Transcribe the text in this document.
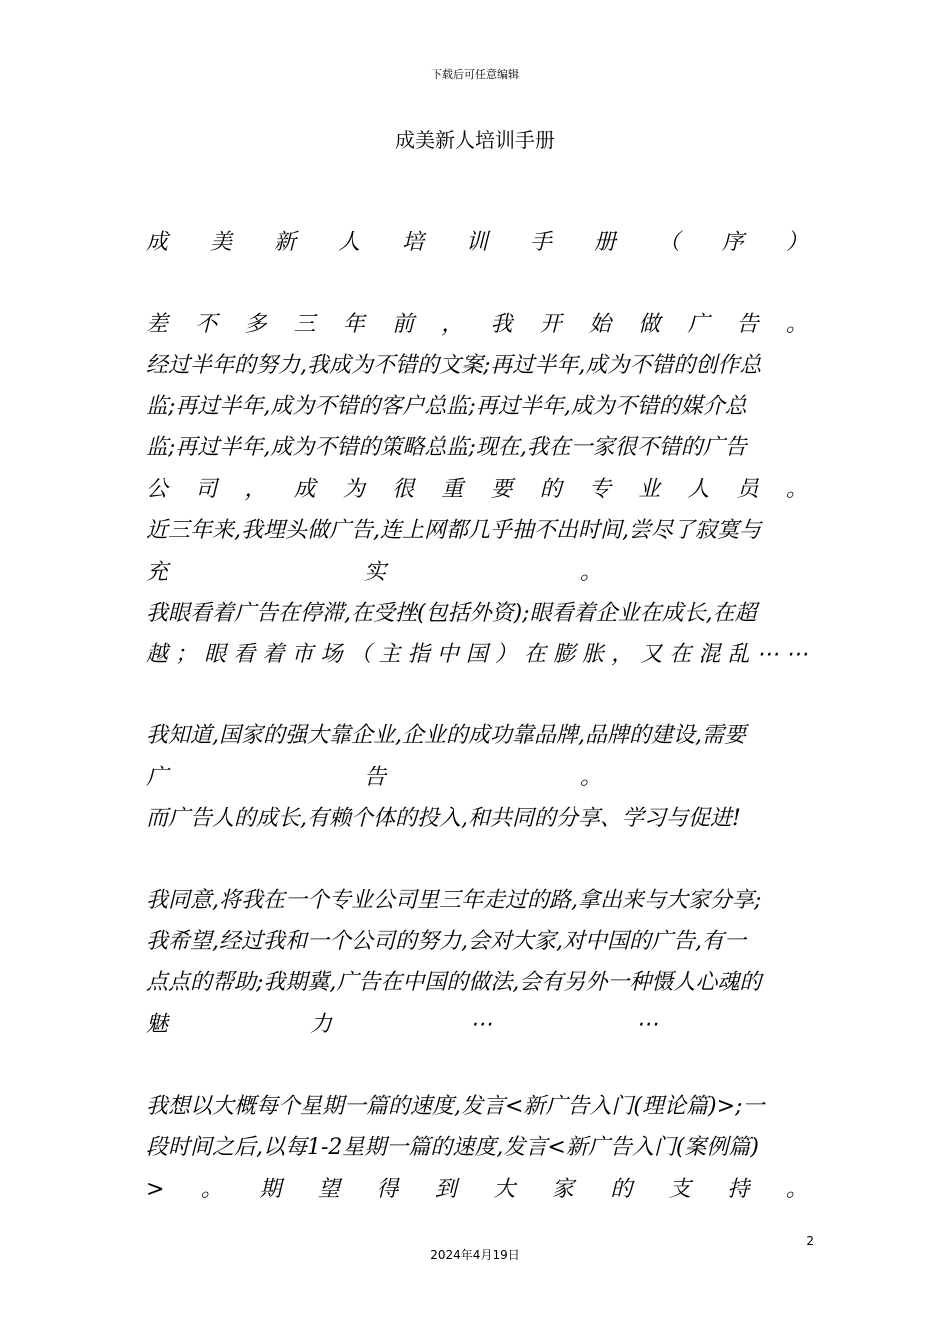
下载后可任意编辑
成美新人培训手册
成 美 新 人 培 训 手 册 （ 序 ）
差 不 多 三 年 前 ， 我 开 始 做 广 告 。
经过半年的努力,我成为不错的文案;再过半年,成为不错的创作总
监;再过半年,成为不错的客户总监;再过半年,成为不错的媒介总
监;再过半年,成为不错的策略总监;现在,我在一家很不错的广告
公 司 ， 成 为 很 重 要 的 专 业 人 员 。
近三年来,我埋头做广告,连上网都几乎抽不出时间,尝尽了寂寞与
充	实	。
我眼看着广告在停滞,在受挫(包括外资);眼看着企业在成长,在超
越 ； 眼 看 着 市 场 （ 主 指 中 国 ） 在 膨 胀 ， 又 在 混 乱 ⋯ ⋯
我知道,国家的强大靠企业,企业的成功靠品牌,品牌的建设,需要
广	告	。
而广告人的成长,有赖个体的投入,和共同的分享、学习与促进!
我同意,将我在一个专业公司里三年走过的路,拿出来与大家分享;
我希望,经过我和一个公司的努力,会对大家,对中国的广告,有一
点点的帮助;我期冀,广告在中国的做法,会有另外一种慑人心魂的
魅	力	⋯	⋯
我想以大概每个星期一篇的速度,发言<新广告入门(理论篇)>;一
段时间之后,以每1-2星期一篇的速度,发言<新广告入门(案例篇)
> 。 期 望 得 到 大 家 的 支 持 。
2
2024年4月19日
